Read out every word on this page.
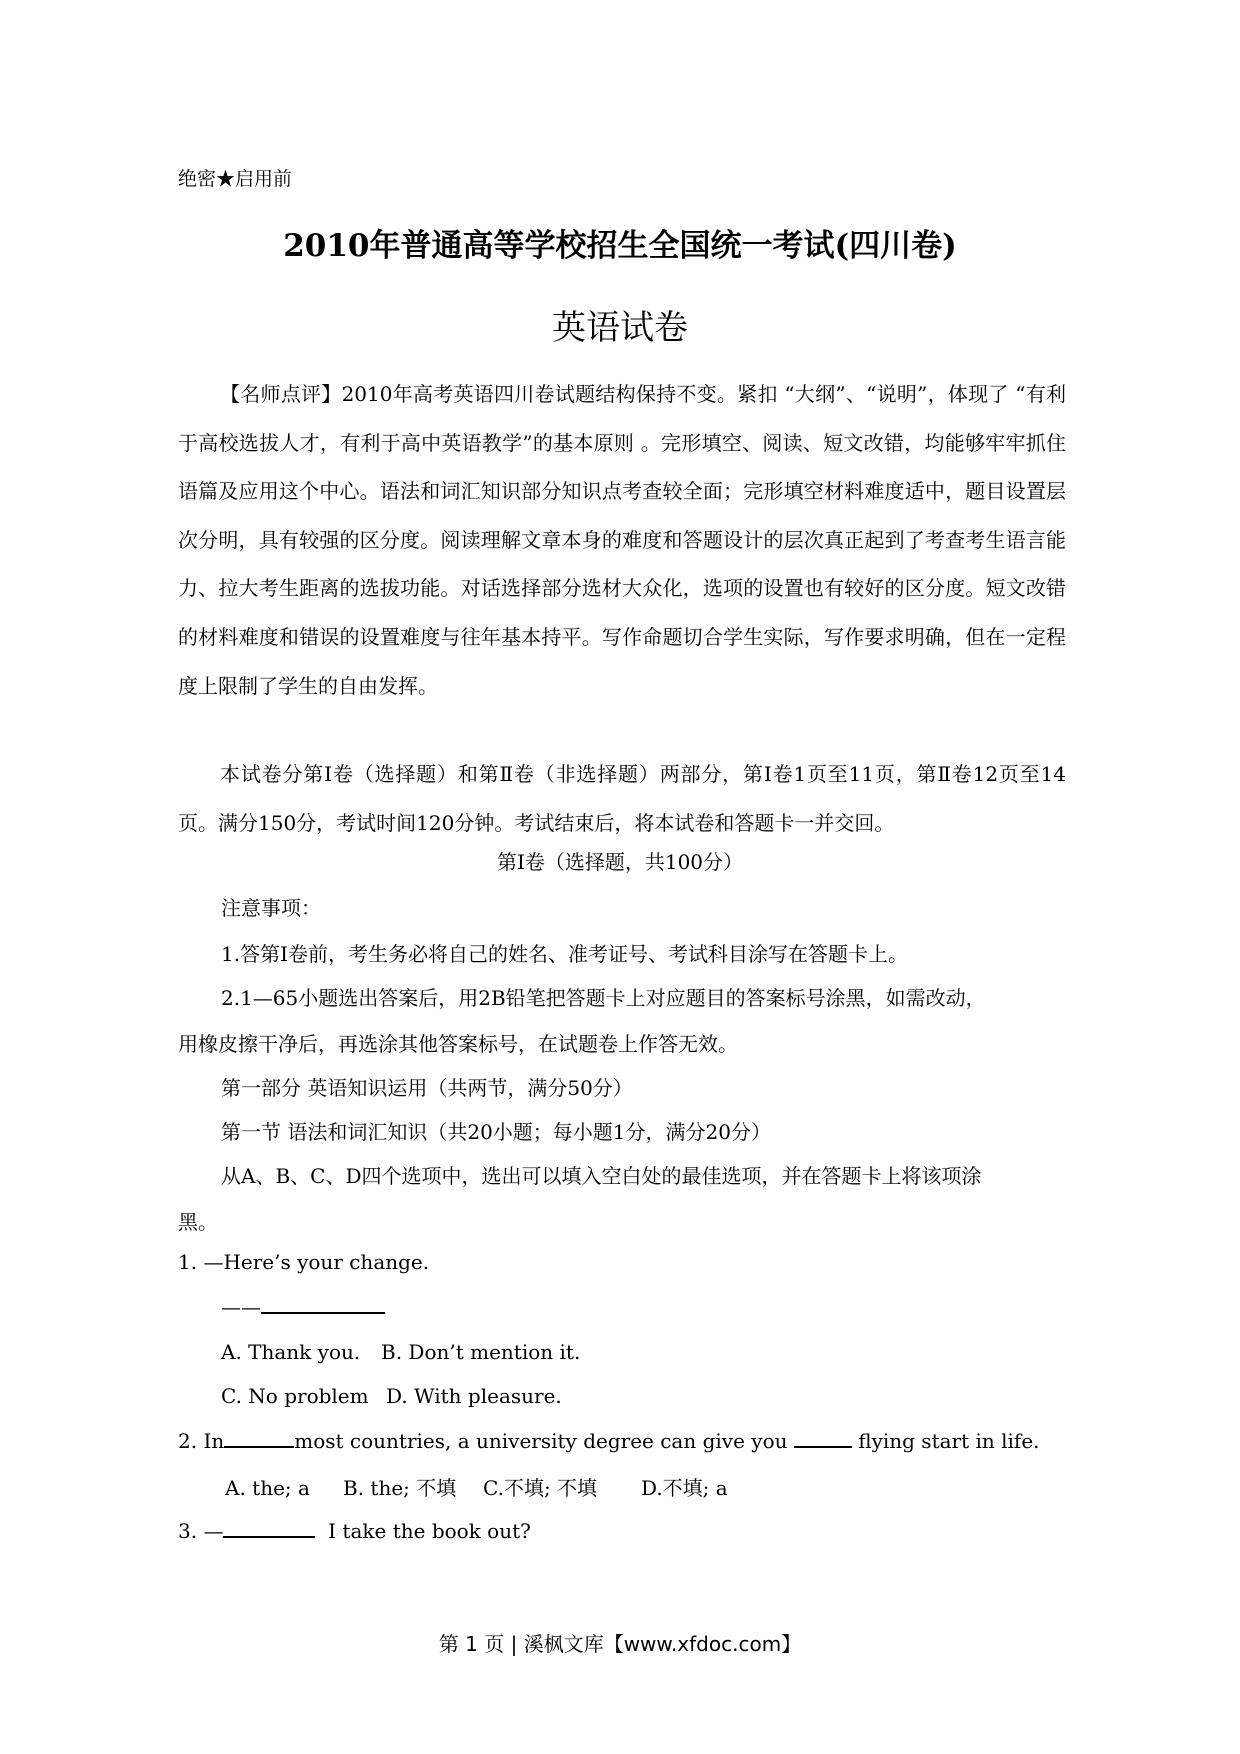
绝密★启用前
2010年普通高等学校招生全国统一考试(四川卷)
英语试卷
【名师点评】2010年高考英语四川卷试题结构保持不变。紧扣 “大纲”、“说明”，体现了 “有利于高校选拔人才，有利于高中英语教学”的基本原则 。完形填空、阅读、短文改错，均能够牢牢抓住语篇及应用这个中心。语法和词汇知识部分知识点考查较全面；完形填空材料难度适中，题目设置层次分明，具有较强的区分度。阅读理解文章本身的难度和答题设计的层次真正起到了考查考生语言能力、拉大考生距离的选拔功能。对话选择部分选材大众化，选项的设置也有较好的区分度。短文改错的材料难度和错误的设置难度与往年基本持平。写作命题切合学生实际，写作要求明确，但在一定程度上限制了学生的自由发挥。
本试卷分第Ⅰ卷（选择题）和第Ⅱ卷（非选择题）两部分，第Ⅰ卷1页至11页，第Ⅱ卷12页至14页。满分150分，考试时间120分钟。考试结束后，将本试卷和答题卡一并交回。
第Ⅰ卷（选择题，共100分）
注意事项：
1.答第Ⅰ卷前，考生务必将自己的姓名、准考证号、考试科目涂写在答题卡上。
2.1—65小题选出答案后，用2B铅笔把答题卡上对应题目的答案标号涂黑，如需改动，
用橡皮擦干净后，再选涂其他答案标号，在试题卷上作答无效。
第一部分 英语知识运用（共两节，满分50分）
第一节 语法和词汇知识（共20小题；每小题1分，满分20分）
从A、B、C、D四个选项中，选出可以填入空白处的最佳选项，并在答题卡上将该项涂
黑。
1. —Here’s your change.
——
A. Thank you. B. Don’t mention it.
C. No problem D. With pleasure.
2. In	most countries, a university degree can give you	flying start in life.
A. the; a B. the; 不填 C.不填; 不填 D.不填; a
3. —	I take the book out?
第 1 页 | 溪枫文库【www.xfdoc.com】
